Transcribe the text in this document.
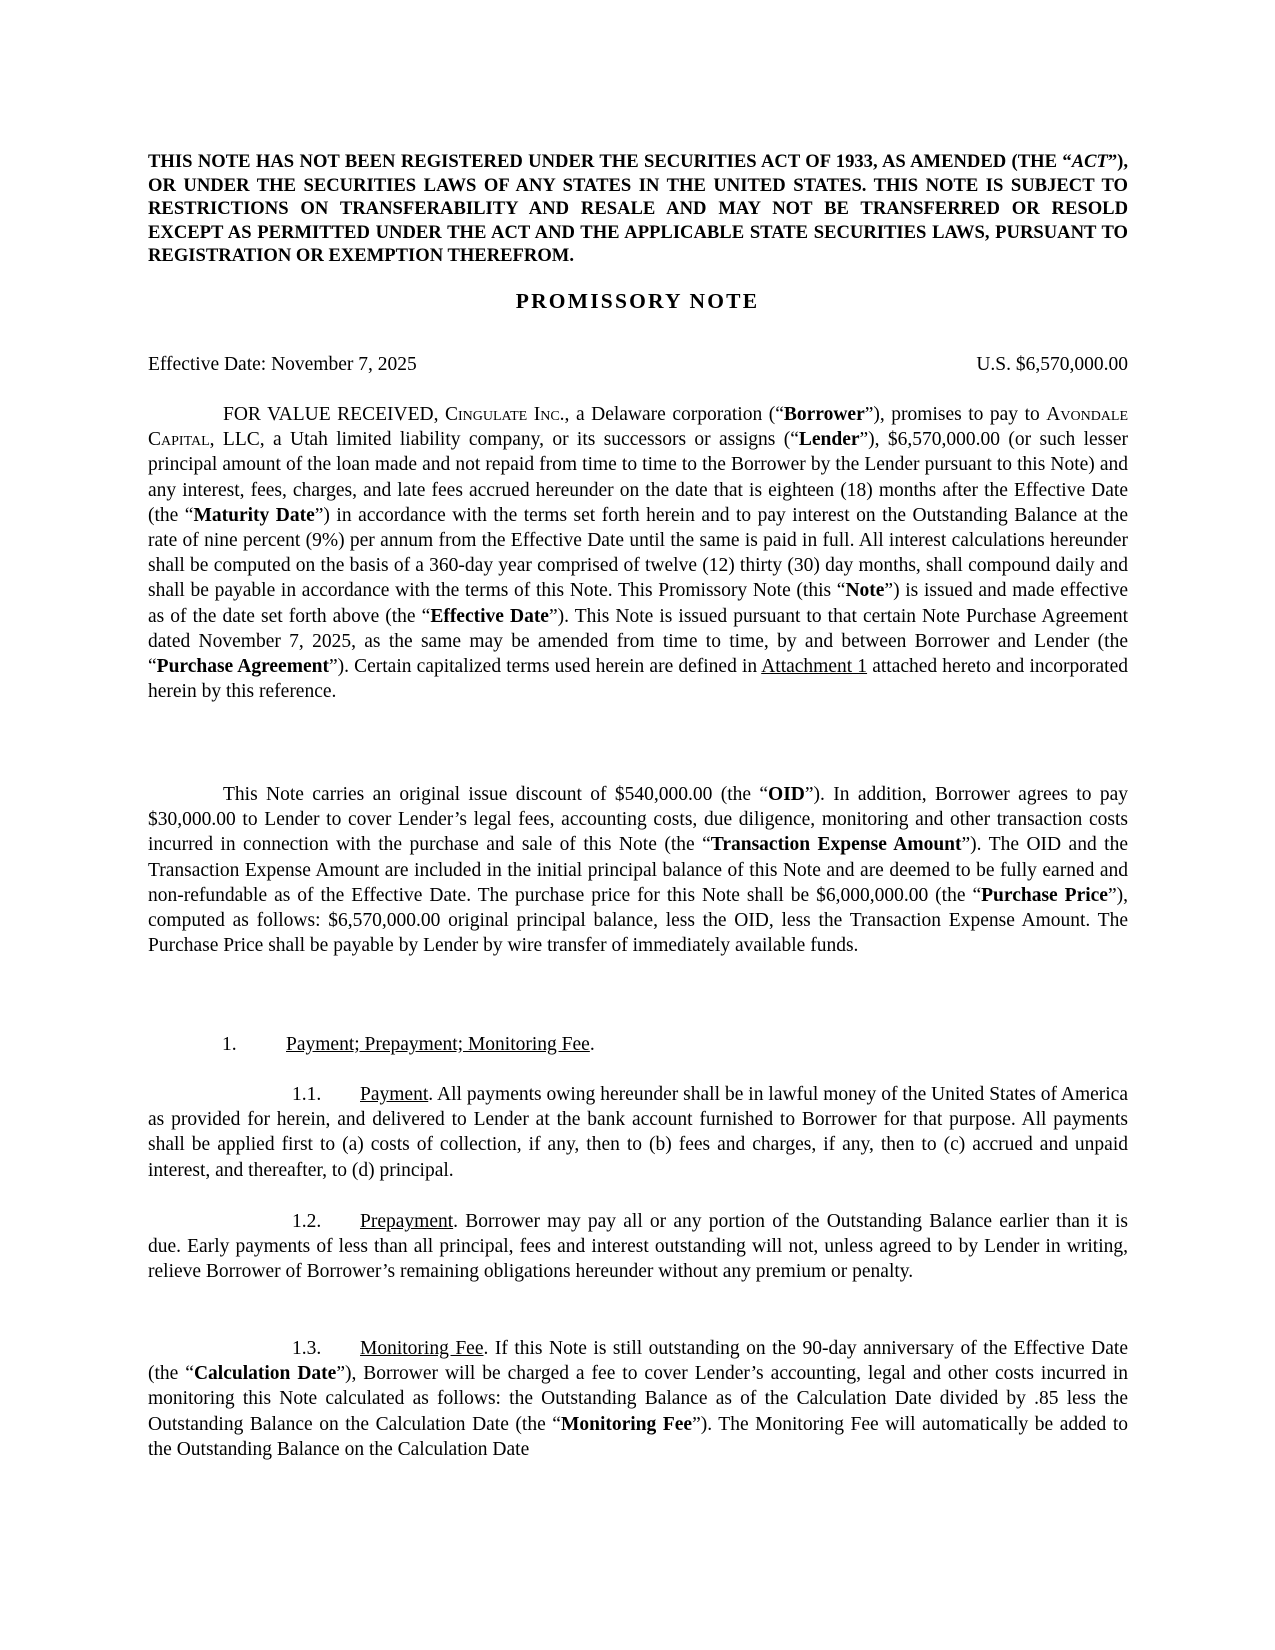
THIS NOTE HAS NOT BEEN REGISTERED UNDER THE SECURITIES ACT OF 1933, AS AMENDED (THE “ACT”), OR UNDER THE SECURITIES LAWS OF ANY STATES IN THE UNITED STATES. THIS NOTE IS SUBJECT TO RESTRICTIONS ON TRANSFERABILITY AND RESALE AND MAY NOT BE TRANSFERRED OR RESOLD EXCEPT AS PERMITTED UNDER THE ACT AND THE APPLICABLE STATE SECURITIES LAWS, PURSUANT TO REGISTRATION OR EXEMPTION THEREFROM.
PROMISSORY NOTE
Effective Date: November 7, 2025	U.S. $6,570,000.00
FOR VALUE RECEIVED, Cingulate Inc., a Delaware corporation (“Borrower”), promises to pay to Avondale Capital, LLC, a Utah limited liability company, or its successors or assigns (“Lender”), $6,570,000.00 (or such lesser principal amount of the loan made and not repaid from time to time to the Borrower by the Lender pursuant to this Note) and any interest, fees, charges, and late fees accrued hereunder on the date that is eighteen (18) months after the Effective Date (the “Maturity Date”) in accordance with the terms set forth herein and to pay interest on the Outstanding Balance at the rate of nine percent (9%) per annum from the Effective Date until the same is paid in full. All interest calculations hereunder shall be computed on the basis of a 360-day year comprised of twelve (12) thirty (30) day months, shall compound daily and shall be payable in accordance with the terms of this Note. This Promissory Note (this “Note”) is issued and made effective as of the date set forth above (the “Effective Date”). This Note is issued pursuant to that certain Note Purchase Agreement dated November 7, 2025, as the same may be amended from time to time, by and between Borrower and Lender (the “Purchase Agreement”). Certain capitalized terms used herein are defined in Attachment 1 attached hereto and incorporated herein by this reference.
This Note carries an original issue discount of $540,000.00 (the “OID”). In addition, Borrower agrees to pay $30,000.00 to Lender to cover Lender’s legal fees, accounting costs, due diligence, monitoring and other transaction costs incurred in connection with the purchase and sale of this Note (the “Transaction Expense Amount”). The OID and the Transaction Expense Amount are included in the initial principal balance of this Note and are deemed to be fully earned and non-refundable as of the Effective Date. The purchase price for this Note shall be $6,000,000.00 (the “Purchase Price”), computed as follows: $6,570,000.00 original principal balance, less the OID, less the Transaction Expense Amount. The Purchase Price shall be payable by Lender by wire transfer of immediately available funds.
1.	Payment; Prepayment; Monitoring Fee.
1.1. Payment. All payments owing hereunder shall be in lawful money of the United States of America as provided for herein, and delivered to Lender at the bank account furnished to Borrower for that purpose. All payments shall be applied first to (a) costs of collection, if any, then to (b) fees and charges, if any, then to (c) accrued and unpaid interest, and thereafter, to (d) principal.
1.2. Prepayment. Borrower may pay all or any portion of the Outstanding Balance earlier than it is due. Early payments of less than all principal, fees and interest outstanding will not, unless agreed to by Lender in writing, relieve Borrower of Borrower’s remaining obligations hereunder without any premium or penalty.
1.3. Monitoring Fee. If this Note is still outstanding on the 90-day anniversary of the Effective Date (the “Calculation Date”), Borrower will be charged a fee to cover Lender’s accounting, legal and other costs incurred in monitoring this Note calculated as follows: the Outstanding Balance as of the Calculation Date divided by .85 less the Outstanding Balance on the Calculation Date (the “Monitoring Fee”). The Monitoring Fee will automatically be added to the Outstanding Balance on the Calculation Date
